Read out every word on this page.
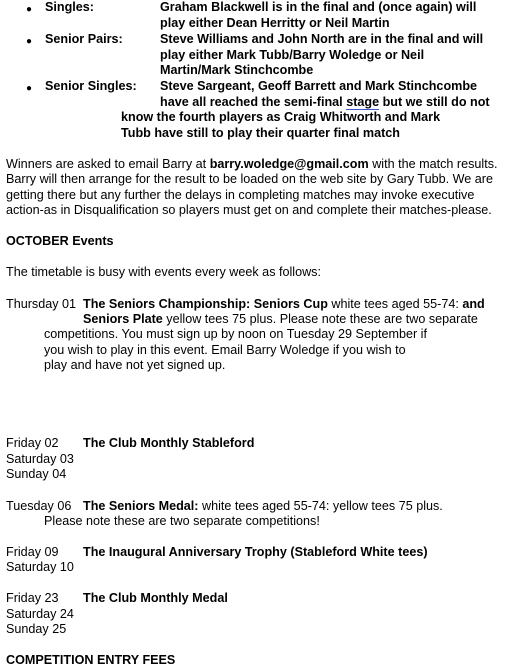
● Singles:	Graham Blackwell is in the final and (once again) will
play either Dean Herritty or Neil Martin
● Senior Pairs:	Steve Williams and John North are in the final and will
play either Mark Tubb/Barry Woledge or Neil
Martin/Mark Stinchcombe
● Senior Singles: Steve Sargeant, Geoff Barrett and Mark Stinchcombe
have all reached the semi-final stage but we still do not
know the fourth players as Craig Whitworth and Mark
Tubb have still to play their quarter final match
Winners are asked to email Barry at barry.woledge@gmail.com with the match results.
Barry will then arrange for the result to be loaded on the web site by Gary Tubb. We are
getting there but any further the delays in completing matches may invoke executive
action-as in Disqualification so players must get on and complete their matches-please.
OCTOBER Events
The timetable is busy with events every week as follows:
Thursday 01 The Seniors Championship: Seniors Cup white tees aged 55-74: and
Seniors Plate yellow tees 75 plus. Please note these are two separate
competitions. You must sign up by noon on Tuesday 29 September if
you wish to play in this event. Email Barry Woledge if you wish to
play and have not yet signed up.
Friday 02 The Club Monthly Stableford
Saturday 03
Sunday 04
Tuesday 06 The Seniors Medal: white tees aged 55-74: yellow tees 75 plus.
Please note these are two separate competitions!
Friday 09 The Inaugural Anniversary Trophy (Stableford White tees)
Saturday 10
Friday 23 The Club Monthly Medal
Saturday 24
Sunday 25
COMPETITION ENTRY FEES
